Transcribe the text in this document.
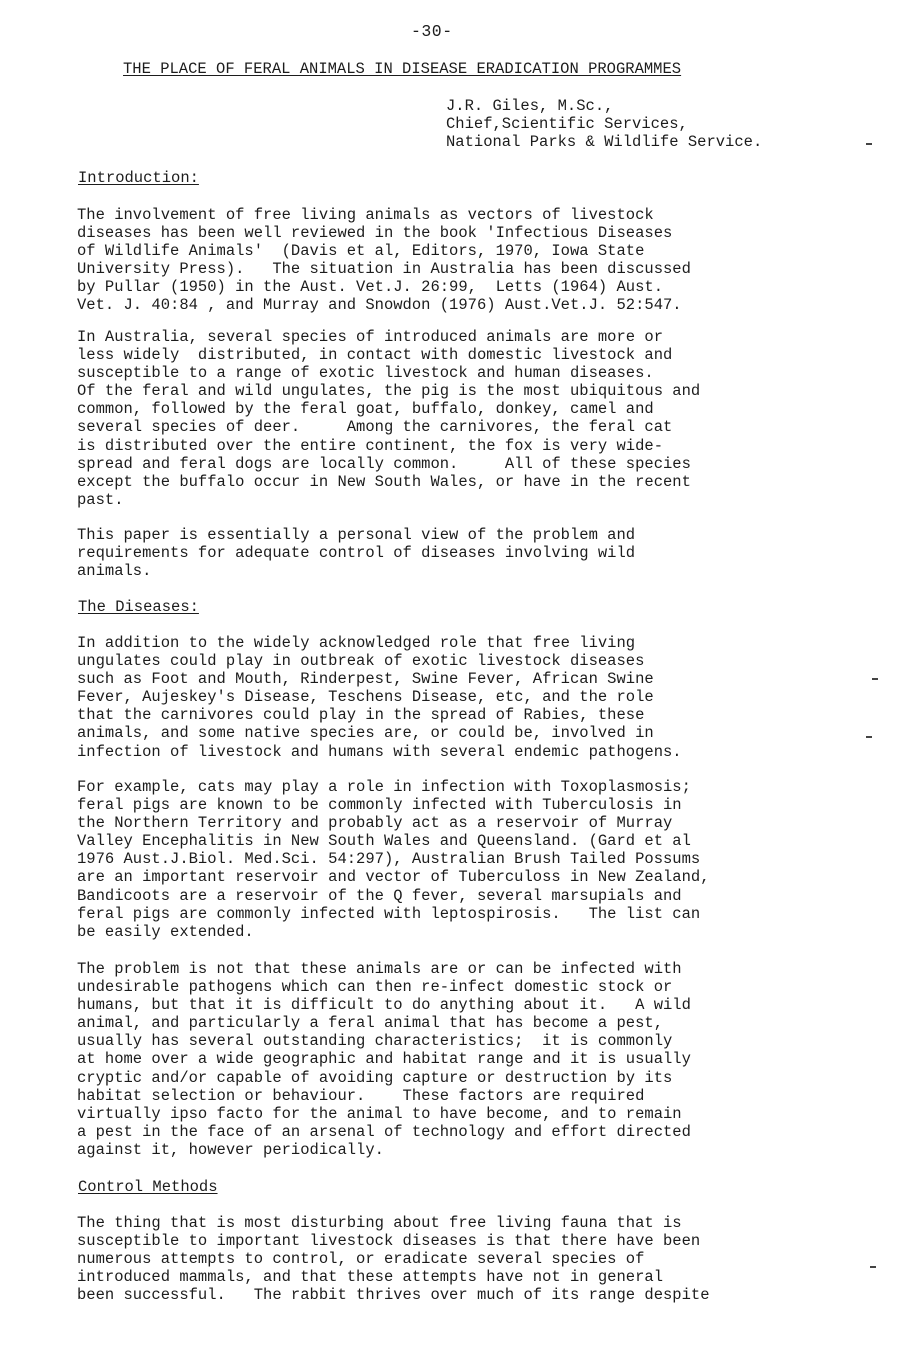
-30-
THE PLACE OF FERAL ANIMALS IN DISEASE ERADICATION PROGRAMMES
J.R. Giles, M.Sc.,
Chief,Scientific Services,
National Parks & Wildlife Service.
Introduction:
The involvement of free living animals as vectors of livestock
diseases has been well reviewed in the book 'Infectious Diseases
of Wildlife Animals'  (Davis et al, Editors, 1970, Iowa State
University Press).   The situation in Australia has been discussed
by Pullar (1950) in the Aust. Vet.J. 26:99,  Letts (1964) Aust.
Vet. J. 40:84 , and Murray and Snowdon (1976) Aust.Vet.J. 52:547.
In Australia, several species of introduced animals are more or
less widely  distributed, in contact with domestic livestock and
susceptible to a range of exotic livestock and human diseases.
Of the feral and wild ungulates, the pig is the most ubiquitous and
common, followed by the feral goat, buffalo, donkey, camel and
several species of deer.     Among the carnivores, the feral cat
is distributed over the entire continent, the fox is very wide-
spread and feral dogs are locally common.     All of these species
except the buffalo occur in New South Wales, or have in the recent
past.
This paper is essentially a personal view of the problem and
requirements for adequate control of diseases involving wild
animals.
The Diseases:
In addition to the widely acknowledged role that free living
ungulates could play in outbreak of exotic livestock diseases
such as Foot and Mouth, Rinderpest, Swine Fever, African Swine
Fever, Aujeskey's Disease, Teschens Disease, etc, and the role
that the carnivores could play in the spread of Rabies, these
animals, and some native species are, or could be, involved in
infection of livestock and humans with several endemic pathogens.
For example, cats may play a role in infection with Toxoplasmosis;
feral pigs are known to be commonly infected with Tuberculosis in
the Northern Territory and probably act as a reservoir of Murray
Valley Encephalitis in New South Wales and Queensland. (Gard et al
1976 Aust.J.Biol. Med.Sci. 54:297), Australian Brush Tailed Possums
are an important reservoir and vector of Tuberculoss in New Zealand,
Bandicoots are a reservoir of the Q fever, several marsupials and
feral pigs are commonly infected with leptospirosis.   The list can
be easily extended.
The problem is not that these animals are or can be infected with
undesirable pathogens which can then re-infect domestic stock or
humans, but that it is difficult to do anything about it.   A wild
animal, and particularly a feral animal that has become a pest,
usually has several outstanding characteristics;  it is commonly
at home over a wide geographic and habitat range and it is usually
cryptic and/or capable of avoiding capture or destruction by its
habitat selection or behaviour.    These factors are required
virtually ipso facto for the animal to have become, and to remain
a pest in the face of an arsenal of technology and effort directed
against it, however periodically.
Control Methods
The thing that is most disturbing about free living fauna that is
susceptible to important livestock diseases is that there have been
numerous attempts to control, or eradicate several species of
introduced mammals, and that these attempts have not in general
been successful.   The rabbit thrives over much of its range despite
